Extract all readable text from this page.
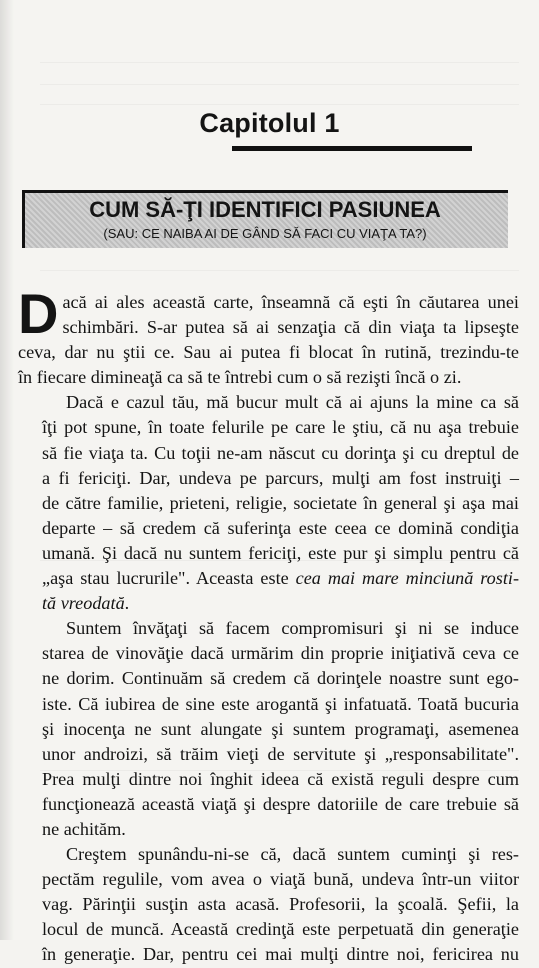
Capitolul 1
CUM SĂ-ŢI IDENTIFICI PASIUNEA
(SAU: CE NAIBA AI DE GÂND SĂ FACI CU VIAŢA TA?)

D acă ai ales această carte, înseamnă că eşti în căutarea unei
schimbări. S-ar putea să ai senzaţia că din viaţa ta lipseşte
ceva, dar nu ştii ce. Sau ai putea fi blocat în rutină, trezindu-te
în fiecare dimineaţă ca să te întrebi cum o să rezişti încă o zi.

Dacă e cazul tău, mă bucur mult că ai ajuns la mine ca să
îţi pot spune, în toate felurile pe care le ştiu, că nu aşa trebuie
să fie viaţa ta. Cu toţii ne-am născut cu dorinţa şi cu dreptul de
a fi fericiţi. Dar, undeva pe parcurs, mulţi am fost instruiţi –
de către familie, prieteni, religie, societate în general şi aşa mai
departe – să credem că suferinţa este ceea ce domină condiţia
umană. Şi dacă nu suntem fericiţi, este pur şi simplu pentru că
„aşa stau lucrurile". Aceasta este cea mai mare minciună rosti-
tă vreodată.

Suntem învăţaţi să facem compromisuri şi ni se induce
starea de vinovăţie dacă urmărim din proprie iniţiativă ceva ce
ne dorim. Continuăm să credem că dorinţele noastre sunt ego-
iste. Că iubirea de sine este arogantă şi infatuată. Toată bucuria
şi inocenţa ne sunt alungate şi suntem programaţi, asemenea
unor androizi, să trăim vieţi de servitute şi „responsabilitate".
Prea mulţi dintre noi înghit ideea că există reguli despre cum
funcţionează această viaţă şi despre datoriile de care trebuie să
ne achităm.

Creştem spunându-ni-se că, dacă suntem cuminţi şi res-
pectăm regulile, vom avea o viaţă bună, undeva într-un viitor
vag. Părinţii susţin asta acasă. Profesorii, la şcoală. Şefii, la
locul de muncă. Această credinţă este perpetuată din generaţie
în generaţie. Dar, pentru cei mai mulţi dintre noi, fericirea nu
